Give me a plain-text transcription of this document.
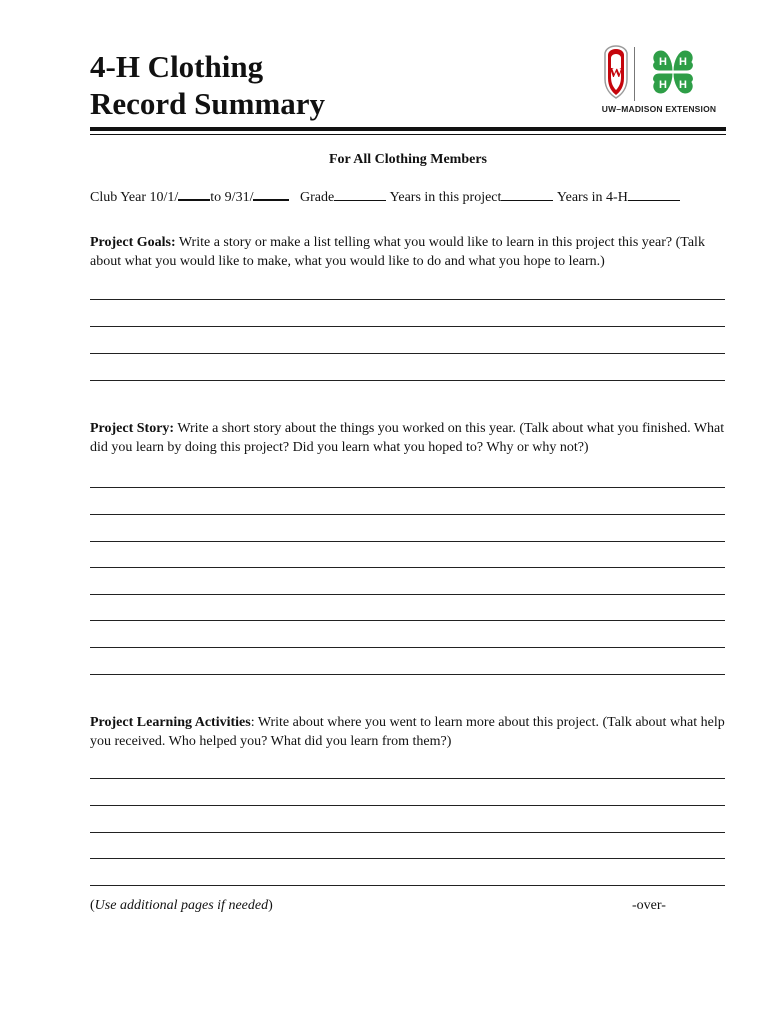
4-H Clothing
Record Summary
W
H H
H H
UW–MADISON EXTENSION
For All Clothing Members
Club Year 10/1/ to 9/31/	Grade	Years in this project	Years in 4-H
Project Goals: Write a story or make a list telling what you would like to learn in this project this year? (Talk about what you would like to make, what you would like to do and what you hope to learn.)
Project Story: Write a short story about the things you worked on this year. (Talk about what you finished. What did you learn by doing this project? Did you learn what you hoped to? Why or why not?)
Project Learning Activities: Write about where you went to learn more about this project. (Talk about what help you received. Who helped you? What did you learn from them?)
(Use additional pages if needed)	-over-
